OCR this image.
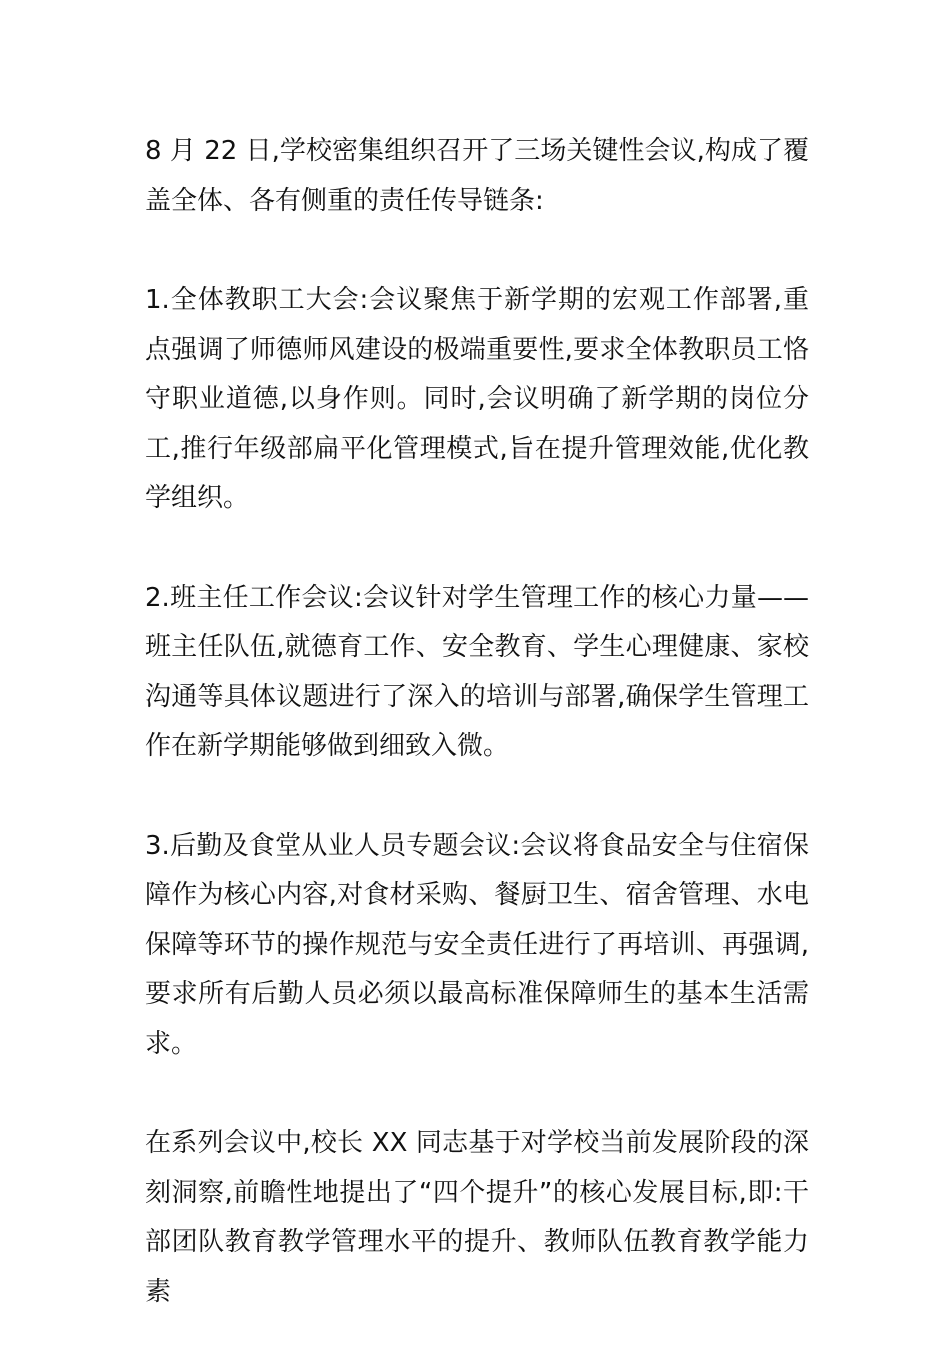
8 月 22 日,学校密集组织召开了三场关键性会议,构成了覆盖全体、各有侧重的责任传导链条:

1.全体教职工大会:会议聚焦于新学期的宏观工作部署,重点强调了师德师风建设的极端重要性,要求全体教职员工恪守职业道德,以身作则。同时,会议明确了新学期的岗位分工,推行年级部扁平化管理模式,旨在提升管理效能,优化教学组织。

2.班主任工作会议:会议针对学生管理工作的核心力量——班主任队伍,就德育工作、安全教育、学生心理健康、家校沟通等具体议题进行了深入的培训与部署,确保学生管理工作在新学期能够做到细致入微。

3.后勤及食堂从业人员专题会议:会议将食品安全与住宿保障作为核心内容,对食材采购、餐厨卫生、宿舍管理、水电保障等环节的操作规范与安全责任进行了再培训、再强调,要求所有后勤人员必须以最高标准保障师生的基本生活需求。

在系列会议中,校长 XX 同志基于对学校当前发展阶段的深刻洞察,前瞻性地提出了“四个提升”的核心发展目标,即:干部团队教育教学管理水平的提升、教师队伍教育教学能力素
